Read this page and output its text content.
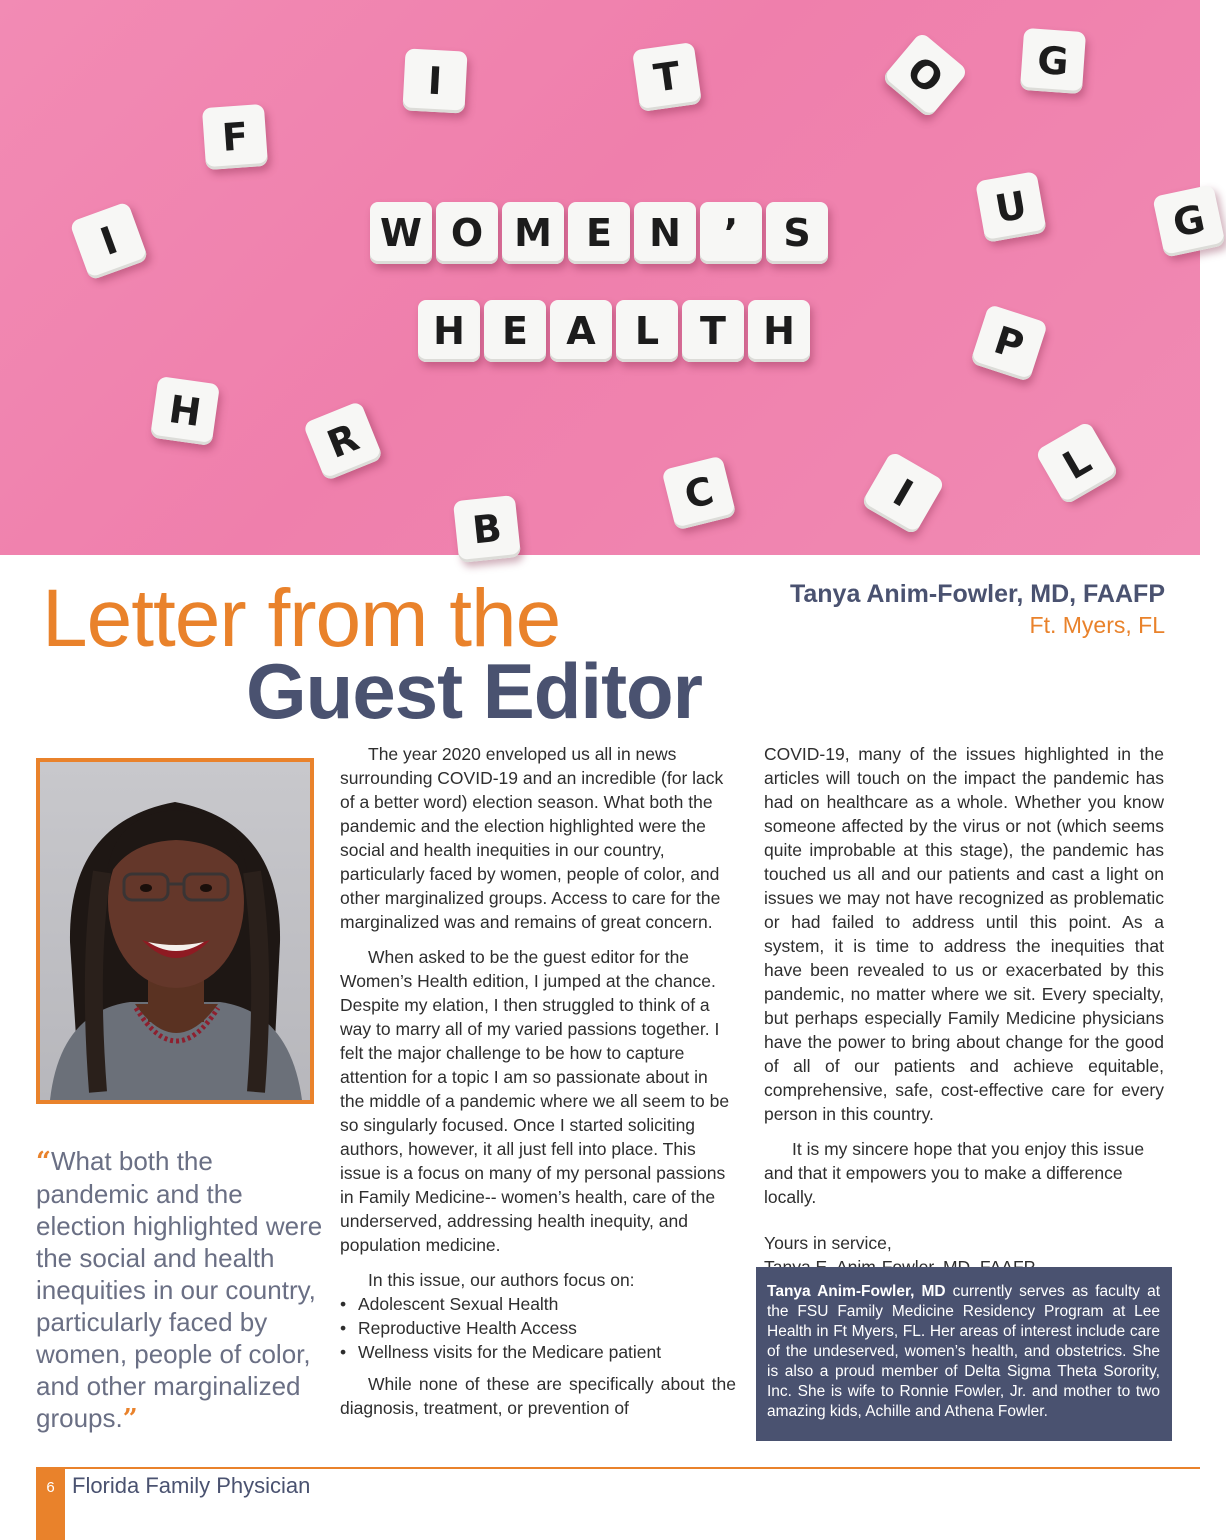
F
I	T	G
U
I
H
R
B
C	I
L
P
G
O
W O M E N	’	S
H E	A	L	T H
Letter from the
Guest Editor
Tanya Anim-Fowler, MD, FAAFP
Ft. Myers, FL
“What both the pandemic and the election highlighted were the social and health inequities in our country, particularly faced by women, people of color, and other marginalized groups.”

The year 2020 enveloped us all in news surrounding COVID-19 and an incredible (for lack of a better word) election season. What both the pandemic and the election highlighted were the social and health inequities in our country, particularly faced by women, people of color, and other marginalized groups. Access to care for the marginalized was and remains of great concern.

When asked to be the guest editor for the Women’s Health edition, I jumped at the chance. Despite my elation, I then struggled to think of a way to marry all of my varied passions together. I felt the major challenge to be how to capture attention for a topic I am so passionate about in the middle of a pandemic where we all seem to be so singularly focused. Once I started soliciting authors, however, it all just fell into place. This issue is a focus on many of my personal passions in Family Medicine-- women’s health, care of the underserved, addressing health inequity, and population medicine.

In this issue, our authors focus on:

• Adolescent Sexual Health
• Reproductive Health Access
• Wellness visits for the Medicare patient

While none of these are specifically about the diagnosis, treatment, or prevention of

COVID-19, many of the issues highlighted in the articles will touch on the impact the pandemic has had on healthcare as a whole. Whether you know someone affected by the virus or not (which seems quite improbable at this stage), the pandemic has touched us all and our patients and cast a light on issues we may not have recognized as problematic or had failed to address until this point. As a system, it is time to address the inequities that have been revealed to us or exacerbated by this pandemic, no matter where we sit. Every specialty, but perhaps especially Family Medicine physicians have the power to bring about change for the good of all of our patients and achieve equitable, comprehensive, safe, cost-effective care for every person in this country.

It is my sincere hope that you enjoy this issue and that it empowers you to make a difference locally.

Yours in service,
Tanya Anim-Fowler, MD currently serves as faculty at the FSU Family Medicine Residency Program at Lee Health in Ft Myers, FL. Her areas of interest include care of the undeserved, women’s health, and obstetrics. She is also a proud member of Delta Sigma Theta Sorority, Inc. She is wife to Ronnie Fowler, Jr. and mother to two amazing kids, Achille and Athena Fowler.
6 Florida Family Physician
